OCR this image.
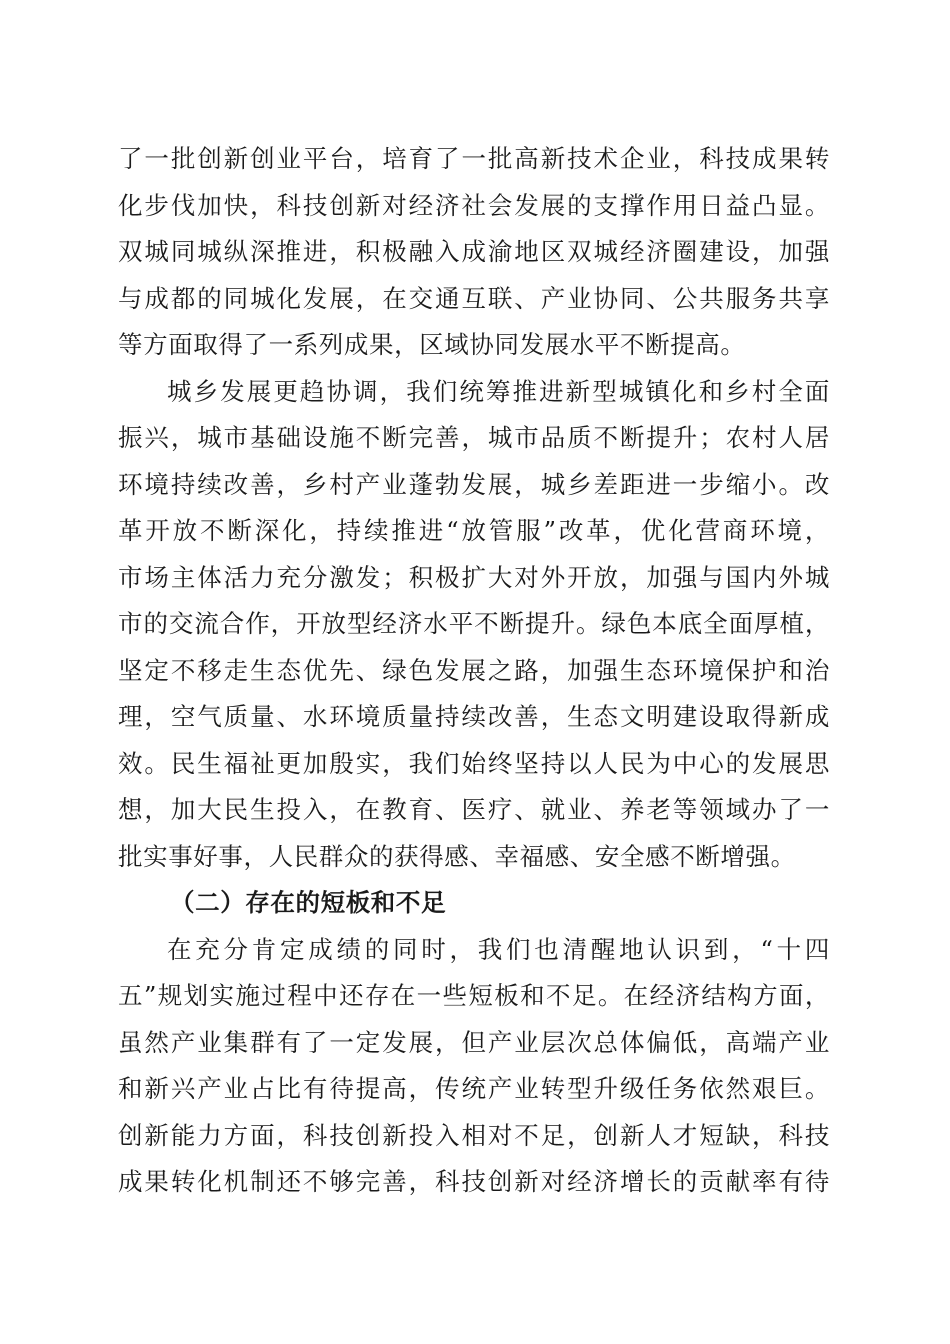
了一批创新创业平台，培育了一批高新技术企业，科技成果转
化步伐加快，科技创新对经济社会发展的支撑作用日益凸显。
双城同城纵深推进，积极融入成渝地区双城经济圈建设，加强
与成都的同城化发展，在交通互联、产业协同、公共服务共享
等方面取得了一系列成果，区域协同发展水平不断提高。
城乡发展更趋协调，我们统筹推进新型城镇化和乡村全面
振兴，城市基础设施不断完善，城市品质不断提升；农村人居
环境持续改善，乡村产业蓬勃发展，城乡差距进一步缩小。改
革开放不断深化，持续推进“放管服”改革，优化营商环境，
市场主体活力充分激发；积极扩大对外开放，加强与国内外城
市的交流合作，开放型经济水平不断提升。绿色本底全面厚植，
坚定不移走生态优先、绿色发展之路，加强生态环境保护和治
理，空气质量、水环境质量持续改善，生态文明建设取得新成
效。民生福祉更加殷实，我们始终坚持以人民为中心的发展思
想，加大民生投入，在教育、医疗、就业、养老等领域办了一
批实事好事，人民群众的获得感、幸福感、安全感不断增强。
（二）存在的短板和不足
在充分肯定成绩的同时，我们也清醒地认识到，“十四
五”规划实施过程中还存在一些短板和不足。在经济结构方面，
虽然产业集群有了一定发展，但产业层次总体偏低，高端产业
和新兴产业占比有待提高，传统产业转型升级任务依然艰巨。
创新能力方面，科技创新投入相对不足，创新人才短缺，科技
成果转化机制还不够完善，科技创新对经济增长的贡献率有待
